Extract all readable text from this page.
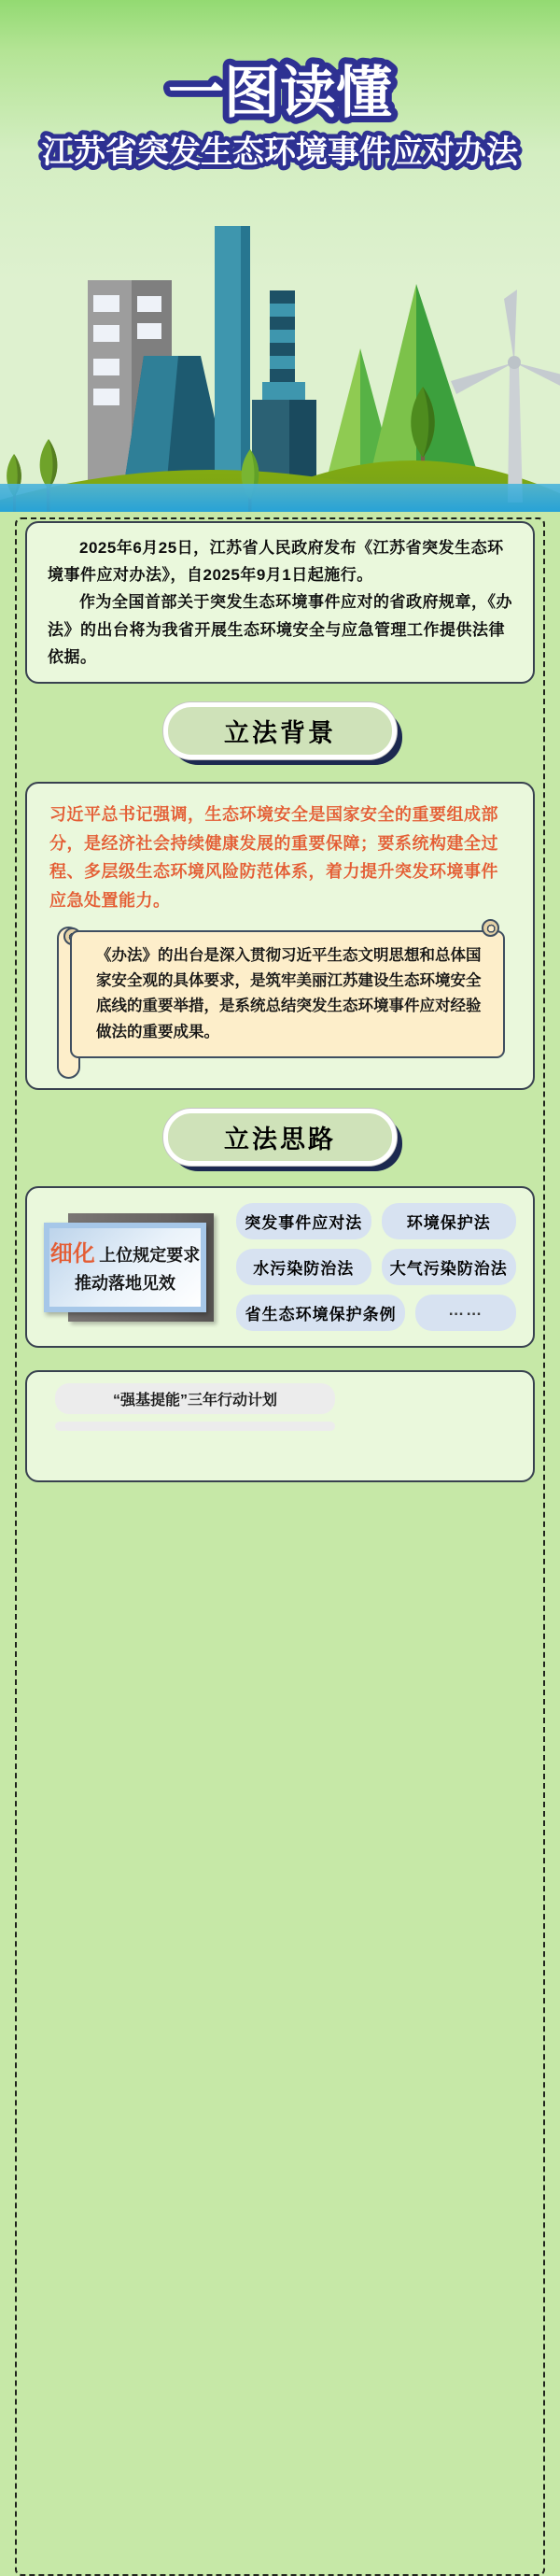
一图读懂
江苏省突发生态环境事件应对办法

2025年6月25日，江苏省人民政府发布《江苏省突发生态环境事件应对办法》，自2025年9月1日起施行。

作为全国首部关于突发生态环境事件应对的省政府规章，《办法》的出台将为我省开展生态环境安全与应急管理工作提供法律依据。

立法背景

习近平总书记强调，生态环境安全是国家安全的重要组成部分，是经济社会持续健康发展的重要保障；要系统构建全过程、多层级生态环境风险防范体系，着力提升突发环境事件应急处置能力。

《办法》的出台是深入贯彻习近平生态文明思想和总体国家安全观的具体要求，是筑牢美丽江苏建设生态环境安全底线的重要举措，是系统总结突发生态环境事件应对经验做法的重要成果。

立法思路
细化 上位规定要求
推动落地见效
突发事件应对法	环境保护法
水污染防治法	大气污染防治法
省生态环境保护条例	……
“强基提能”三年行动计划
